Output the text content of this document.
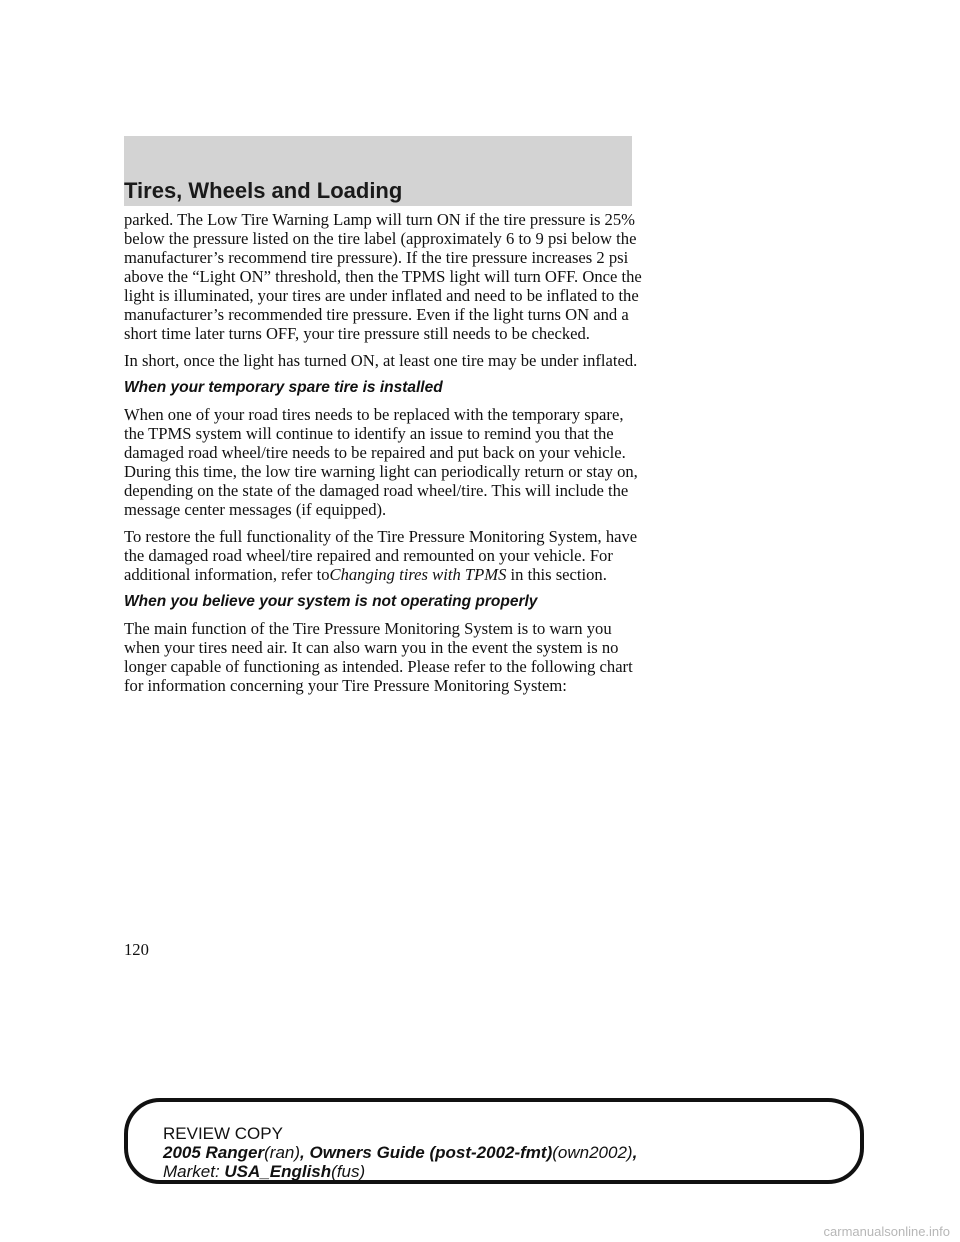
Tires, Wheels and Loading

parked. The Low Tire Warning Lamp will turn ON if the tire pressure is 25% below the pressure listed on the tire label (approximately 6 to 9 psi below the manufacturer’s recommend tire pressure). If the tire pressure increases 2 psi above the “Light ON” threshold, then the TPMS light will turn OFF. Once the light is illuminated, your tires are under inflated and need to be inflated to the manufacturer’s recommended tire pressure. Even if the light turns ON and a short time later turns OFF, your tire pressure still needs to be checked.

In short, once the light has turned ON, at least one tire may be under inflated.

When your temporary spare tire is installed

When one of your road tires needs to be replaced with the temporary spare, the TPMS system will continue to identify an issue to remind you that the damaged road wheel/tire needs to be repaired and put back on your vehicle. During this time, the low tire warning light can periodically return or stay on, depending on the state of the damaged road wheel/tire. This will include the message center messages (if equipped).

To restore the full functionality of the Tire Pressure Monitoring System, have the damaged road wheel/tire repaired and remounted on your vehicle. For additional information, refer toChanging tires with TPMS in this section.

When you believe your system is not operating properly

The main function of the Tire Pressure Monitoring System is to warn you when your tires need air. It can also warn you in the event the system is no longer capable of functioning as intended. Please refer to the following chart for information concerning your Tire Pressure Monitoring System:

120
REVIEW COPY
2005 Ranger(ran), Owners Guide (post-2002-fmt)(own2002),
Market: USA_English(fus)
carmanualsonline.info
